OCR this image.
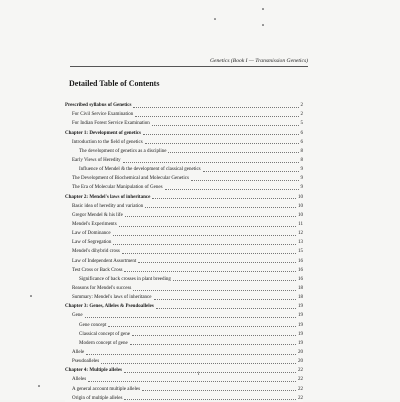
Genetics (Book I — Transmission Genetics)
Detailed Table of Contents
Prescribed syllabus of Genetics	2
For Civil Service Examination	2
For Indian Forest Service Examination	5
Chapter 1: Development of genetics	6
Introduction to the field of genetics	6
The development of genetics as a discipline	8
Early Views of Heredity	8
Influence of Mendel & the development of classical genetics	9
The Development of Biochemical and Molecular Genetics	9
The Era of Molecular Manipulation of Genes	9
Chapter 2: Mendel's laws of inheritance	10
Basic idea of heredity and variation	10
Gregor Mendel & his life	10
Mendel's Experiments	11
Law of Dominance	12
Law of Segregation	13
Mendel's dihybrid cross	15
Law of Independent Assortment	16
Test Cross or Back Cross	16
Significance of back crosses in plant breeding	16
Reasons for Mendel's success	18
Summary: Mendel's laws of inheritance	18
Chapter 3: Genes, Alleles & Pseudoalleles	19
Gene	19
Gene concept	19
Classical concept of gene	19
Modern concept of gene	19
Allele	20
Pseudoalleles	20
Chapter 4: Multiple alleles	22
Alleles	22
A general account multiple alleles	22
Origin of multiple alleles	22
i
